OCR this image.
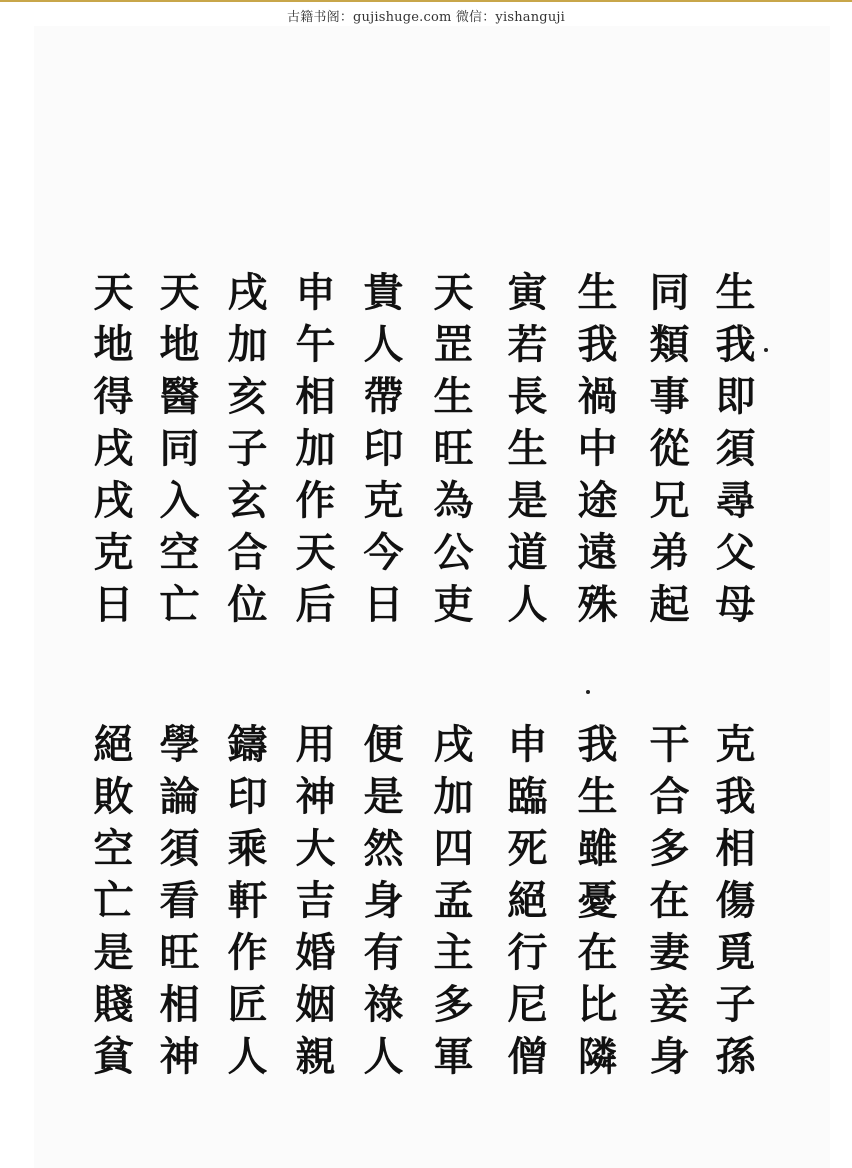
古籍书阁：gujishuge.com 微信：yishanguji
生我即須尋父母
同類事從兄弟起
生我禍中途遠殊
寅若長生是道人
天罡生旺為公吏
貴人帶印克今日
申午相加作天后
戌加亥子玄合位
天地醫同入空亡
天地得戌戌克日
克我相傷覓子孫
干合多在妻妾身
我生雖憂在比隣
申臨死絕行尼僧
戌加四孟主多軍
便是然身有祿人
用神大吉婚姻親
鑄印乘軒作匠人
學論須看旺相神
絕敗空亡是賤貧
